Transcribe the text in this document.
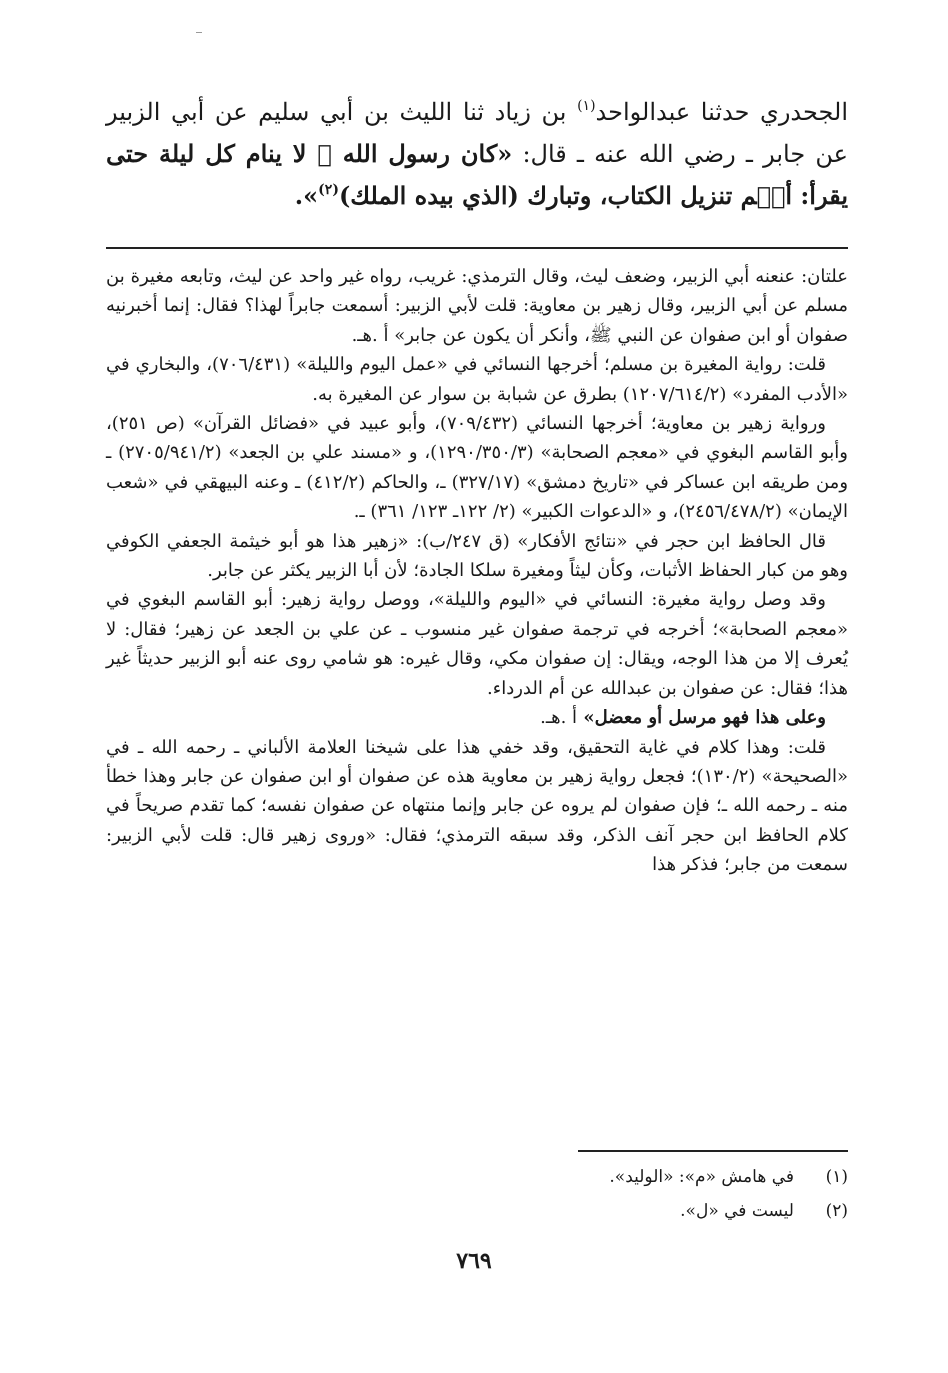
الجحدري حدثنا عبدالواحد$^{(١)}$ بن زياد ثنا الليث بن أبي سليم عن أبي الزبير عن جابر ـ رضي الله عنه ـ قال: «كان رسول الله ﷺ لا ينام كل ليلة حتى يقرأ: ألۤم تنزيل الكتاب، وتبارك (الذي بيده الملك)$^{(٢)}$».

علتان: عنعنه أبي الزبير، وضعف ليث، وقال الترمذي: غريب، رواه غير واحد عن ليث، وتابعه مغيرة بن مسلم عن أبي الزبير، وقال زهير بن معاوية: قلت لأبي الزبير: أسمعت جابراً لهذا؟ فقال: إنما أخبرنيه صفوان أو ابن صفوان عن النبي ﷺ، وأنكر أن يكون عن جابر» أ .هـ.

قلت: رواية المغيرة بن مسلم؛ أخرجها النسائي في «عمل اليوم والليلة» (٧٠٦/٤٣١)، والبخاري في «الأدب المفرد» (١٢٠٧/٦١٤/٢) بطرق عن شبابة بن سوار عن المغيرة به.

ورواية زهير بن معاوية؛ أخرجها النسائي (٧٠٩/٤٣٢)، وأبو عبيد في «فضائل القرآن» (ص ٢٥١)، وأبو القاسم البغوي في «معجم الصحابة» (١٢٩٠/٣٥٠/٣)، و «مسند علي بن الجعد» (٢٧٠٥/٩٤١/٢) ـ ومن طريقه ابن عساكر في «تاريخ دمشق» (٣٢٧/١٧) ـ، والحاكم (٤١٢/٢) ـ وعنه البيهقي في «شعب الإيمان» (٢٤٥٦/٤٧٨/٢)، و «الدعوات الكبير» (٢/ ١٢٢ـ ١٢٣/ ٣٦١) ـ.

قال الحافظ ابن حجر في «نتائج الأفكار» (ق ٢٤٧/ب): «زهير هذا هو أبو خيثمة الجعفي الكوفي وهو من كبار الحفاظ الأثبات، وكأن ليثاً ومغيرة سلكا الجادة؛ لأن أبا الزبير يكثر عن جابر.

وقد وصل رواية مغيرة: النسائي في «اليوم والليلة»، ووصل رواية زهير: أبو القاسم البغوي في «معجم الصحابة»؛ أخرجه في ترجمة صفوان غير منسوب ـ عن علي بن الجعد عن زهير؛ فقال: لا يُعرف إلا من هذا الوجه، ويقال: إن صفوان مكي، وقال غيره: هو شامي روى عنه أبو الزبير حديثاً غير هذا؛ فقال: عن صفوان بن عبدالله عن أم الدرداء.

وعلى هذا فهو مرسل أو معضل» أ .هـ.

قلت: وهذا كلام في غاية التحقيق، وقد خفي هذا على شيخنا العلامة الألباني ـ رحمه الله ـ في «الصحيحة» (١٣٠/٢)؛ فجعل رواية زهير بن معاوية هذه عن صفوان أو ابن صفوان عن جابر وهذا خطأ منه ـ رحمه الله ـ؛ فإن صفوان لم يروه عن جابر وإنما منتهاه عن صفوان نفسه؛ كما تقدم صريحاً في كلام الحافظ ابن حجر آنف الذكر، وقد سبقه الترمذي؛ فقال: «وروى زهير قال: قلت لأبي الزبير: سمعت من جابر؛ فذكر هذا

(١)
في هامش «م»: «الوليد».
(٢)
ليست في «ل».
٧٦٩
